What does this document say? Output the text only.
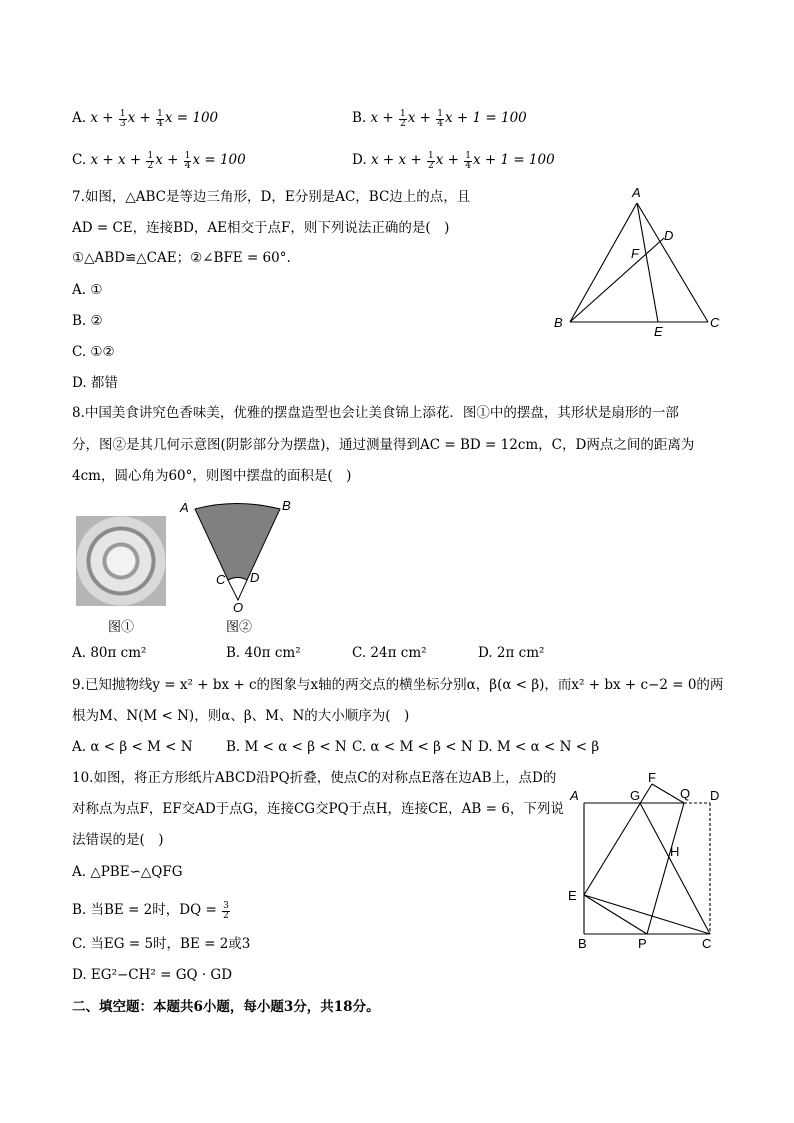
A. $x + \frac{1}{3}$ $x + \frac{1}{4}$ x = 100	B. $x + \frac{1}{2}$ $x + \frac{1}{4}$ x + 1 = 100
C. $x + x + \frac{1}{2}$ $x + \frac{1}{4}$ x = 100	D. $x + x + \frac{1}{2}$ $x + \frac{1}{4}$ x + 1 = 100
7.如图，△ABC是等边三角形，D，E分别是AC，BC边上的点，且
AD = CE，连接BD，AE相交于点F，则下列说法正确的是(　)
①△ABD≌△CAE；②∠BFE = 60°.
A. ①
B. ②
C. ①②
D. 都错
A
B	C
D
E
F
8.中国美食讲究色香味美，优雅的摆盘造型也会让美食锦上添花．图①中的摆盘，其形状是扇形的一部
分，图②是其几何示意图(阴影部分为摆盘)，通过测量得到AC = BD = 12cm，C，D两点之间的距离为
4cm，圆心角为60°，则图中摆盘的面积是(　)
图①
A	B
C D
O
图②
A. 80π cm²	B. 40π cm²	C. 24π cm²	D. 2π cm²
9.已知抛物线y = x² + bx + c的图象与x轴的两交点的横坐标分别α，β(α < β)，而x² + bx + c−2 = 0的两
根为M、N(M < N)，则α、β、M、N的大小顺序为(　)
A. α < β < M < N B. M < α < β < N C. α < M < β < N D. M < α < N < β
10.如图，将正方形纸片ABCD沿PQ折叠，使点C的对称点E落在边AB上，点D的
对称点为点F，EF交AD于点G，连接CG交PQ于点H，连接CE，AB = 6，下列说
法错误的是(　)
A. △PBE∽△QFG
B. 当BE = 2时，DQ = $\frac{3}{2}$
C. 当EG = 5时，BE = 2或3
D. EG²−CH² = GQ · GD
A
B	C
D
E
F
G
H
P
Q
二、填空题：本题共6小题，每小题3分，共18分。
